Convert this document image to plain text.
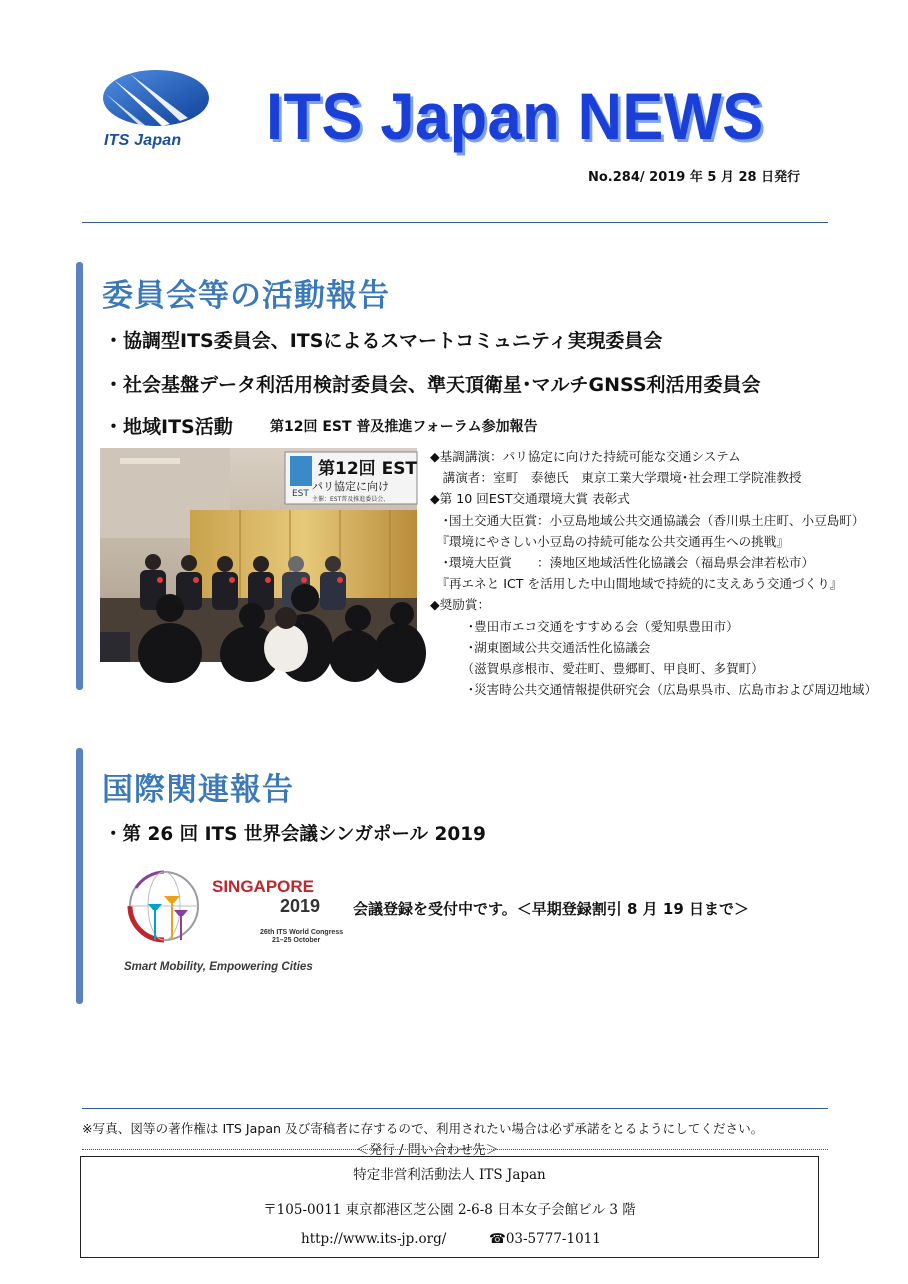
ITS Japan ITS Japan NEWS
No.284/ 2019 年 5 月 28 日発行
委員会等の活動報告
・協調型ITS委員会、ITSによるスマートコミュニティ実現委員会
・社会基盤データ利活用検討委員会、準天頂衛星･マルチGNSS利活用委員会
・地域ITS活動	第12回 EST 普及推進フォーラム参加報告
第12回 EST
パリ協定に向け
EST
主催：EST普及推進委員会、
◆基調講演：パリ協定に向けた持続可能な交通システム
　講演者：室町　泰徳氏　東京工業大学環境･社会理工学院准教授
◆第 10 回EST交通環境大賞 表彰式
　･国土交通大臣賞：小豆島地域公共交通協議会（香川県土庄町、小豆島町）
　『環境にやさしい小豆島の持続可能な公共交通再生への挑戦』
　･環境大臣賞　　：湊地区地域活性化協議会（福島県会津若松市）
　『再エネと ICT を活用した中山間地域で持続的に支えあう交通づくり』
◆奨励賞：
　　　･豊田市エコ交通をすすめる会（愛知県豊田市）
　　　･湖東圏域公共交通活性化協議会
　　　（滋賀県彦根市、愛荘町、豊郷町、甲良町、多賀町）
　　　･災害時公共交通情報提供研究会（広島県呉市、広島市および周辺地域）
国際関連報告
・第 26 回 ITS 世界会議シンガポール 2019
SINGAPORE
2019
26th ITS World Congress
21–25 October
Smart Mobility, Empowering Cities
会議登録を受付中です。＜早期登録割引 8 月 19 日まで＞
※写真、図等の著作権は ITS Japan 及び寄稿者に存するので、利用されたい場合は必ず承諾をとるようにしてください。
＜発行 / 問い合わせ先＞
特定非営利活動法人 ITS Japan
〒105-0011 東京都港区芝公園 2-6-8 日本女子会館ビル 3 階
http://www.its-jp.org/	☎03-5777-1011
